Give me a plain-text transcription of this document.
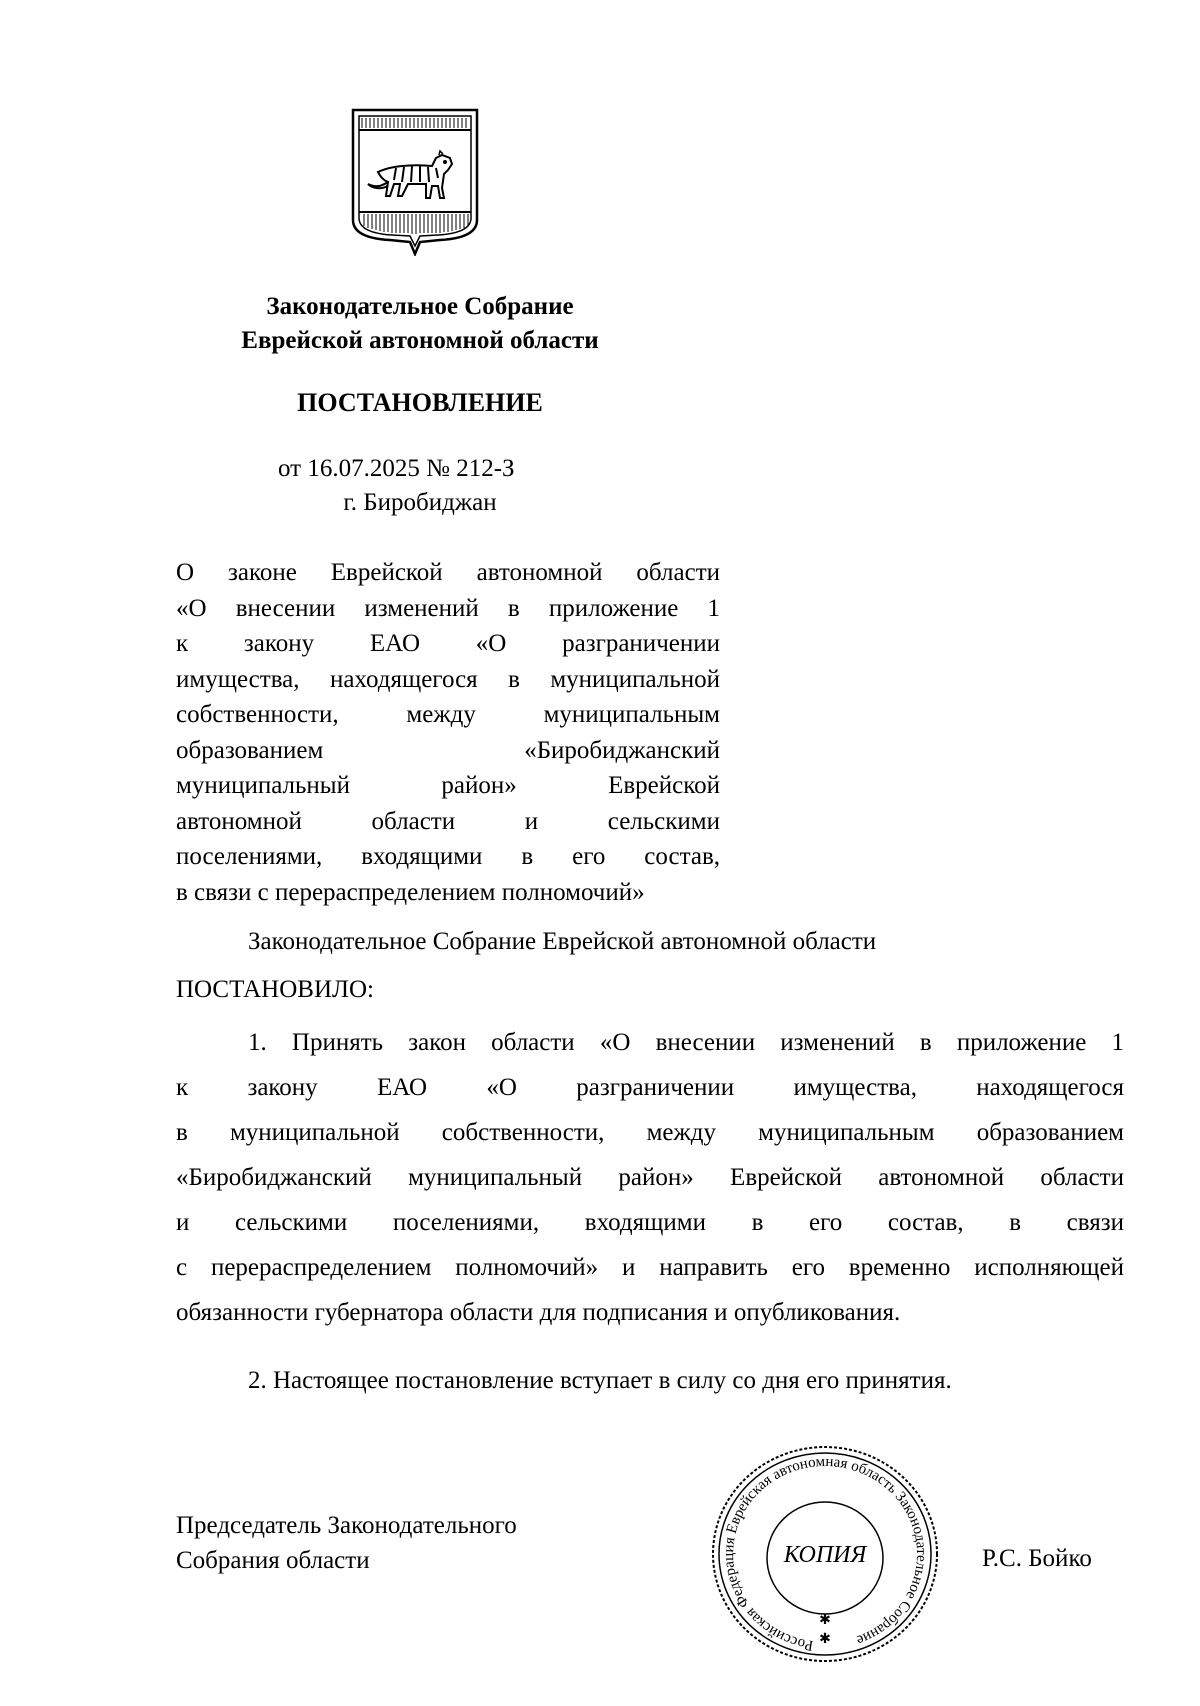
Законодательное Собрание
Еврейской автономной области
ПОСТАНОВЛЕНИЕ
от 16.07.2025 № 212-З
г. Биробиджан
О законе Еврейской автономной области
«О внесении изменений в приложение 1
к закону ЕАО «О разграничении
имущества, находящегося в муниципальной
собственности, между муниципальным
образованием «Биробиджанский
муниципальный район» Еврейской
автономной области и сельскими
поселениями, входящими в его состав,
в связи с перераспределением полномочий»
Законодательное Собрание Еврейской автономной области
ПОСТАНОВИЛО:
1. Принять закон области «О внесении изменений в приложение 1
к закону ЕАО «О разграничении имущества, находящегося
в муниципальной собственности, между муниципальным образованием
«Биробиджанский муниципальный район» Еврейской автономной области
и сельскими поселениями, входящими в его состав, в связи
с перераспределением полномочий» и направить его временно исполняющей
обязанности губернатора области для подписания и опубликования.
2. Настоящее постановление вступает в силу со дня его принятия.
Председатель Законодательного
Собрания области
Российская Федерация Еврейская автономная область Законодательное Собрание
КОПИЯ
✱
✱
Р.С. Бойко
